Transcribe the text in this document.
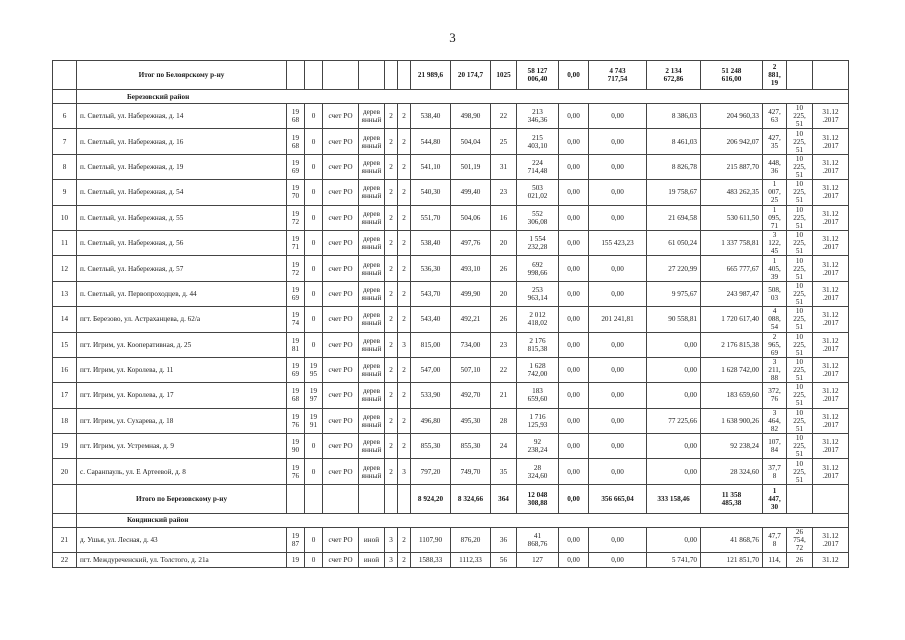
3
	Итог по Белоярскому р-ну							21 989,6	20 174,7	1025	58 127
006,40	0,00	4 743
717,54	2 134
672,86	51 248
616,00	2
881,
19		
	Березовский район																	
6	п. Светлый, ул. Набережная, д. 14	19
68	0	счет РО	дерев
янный	2	2	538,40	498,90	22	213
346,36	0,00	0,00	8 386,03	204 960,33	427,
63	10
225,
51	31.12
.2017
7	п. Светлый, ул. Набережная, д. 16	19
68	0	счет РО	дерев
янный	2	2	544,80	504,04	25	215
403,10	0,00	0,00	8 461,03	206 942,07	427,
35	10
225,
51	31.12
.2017
8	п. Светлый, ул. Набережная, д. 19	19
69	0	счет РО	дерев
янный	2	2	541,10	501,19	31	224
714,48	0,00	0,00	8 826,78	215 887,70	448,
36	10
225,
51	31.12
.2017
9	п. Светлый, ул. Набережная, д. 54	19
70	0	счет РО	дерев
янный	2	2	540,30	499,40	23	503
021,02	0,00	0,00	19 758,67	483 262,35	1
007,
25	10
225,
51	31.12
.2017
10	п. Светлый, ул. Набережная, д. 55	19
72	0	счет РО	дерев
янный	2	2	551,70	504,06	16	552
306,08	0,00	0,00	21 694,58	530 611,50	1
095,
71	10
225,
51	31.12
.2017
11	п. Светлый, ул. Набережная, д. 56	19
71	0	счет РО	дерев
янный	2	2	538,40	497,76	20	1 554
232,28	0,00	155 423,23	61 050,24	1 337 758,81	3
122,
45	10
225,
51	31.12
.2017
12	п. Светлый, ул. Набережная, д. 57	19
72	0	счет РО	дерев
янный	2	2	536,30	493,10	26	692
998,66	0,00	0,00	27 220,99	665 777,67	1
405,
39	10
225,
51	31.12
.2017
13	п. Светлый, ул. Первопроходцев, д. 44	19
69	0	счет РО	дерев
янный	2	2	543,70	499,90	20	253
963,14	0,00	0,00	9 975,67	243 987,47	508,
03	10
225,
51	31.12
.2017
14	пгт. Березово, ул. Астраханцева, д. 62/а	19
74	0	счет РО	дерев
янный	2	2	543,40	492,21	26	2 012
418,02	0,00	201 241,81	90 558,81	1 720 617,40	4
088,
54	10
225,
51	31.12
.2017
15	пгт. Игрим, ул. Кооперативная, д. 25	19
81	0	счет РО	дерев
янный	2	3	815,00	734,00	23	2 176
815,38	0,00	0,00	0,00	2 176 815,38	2
965,
69	10
225,
51	31.12
.2017
16	пгт. Игрим, ул. Королева, д. 11	19
69	19
95	счет РО	дерев
янный	2	2	547,00	507,10	22	1 628
742,00	0,00	0,00	0,00	1 628 742,00	3
211,
88	10
225,
51	31.12
.2017
17	пгт. Игрим, ул. Королева, д. 17	19
68	19
97	счет РО	дерев
янный	2	2	533,90	492,70	21	183
659,60	0,00	0,00	0,00	183 659,60	372,
76	10
225,
51	31.12
.2017
18	пгт. Игрим, ул. Сухарева, д. 18	19
76	19
91	счет РО	дерев
янный	2	2	496,80	495,30	28	1 716
125,93	0,00	0,00	77 225,66	1 638 900,26	3
464,
82	10
225,
51	31.12
.2017
19	пгт. Игрим, ул. Устремная, д. 9	19
90	0	счет РО	дерев
янный	2	2	855,30	855,30	24	92
238,24	0,00	0,00	0,00	92 238,24	107,
84	10
225,
51	31.12
.2017
20	с. Саранпауль, ул. Е Артеевой, д. 8	19
76	0	счет РО	дерев
янный	2	3	797,20	749,70	35	28
324,60	0,00	0,00	0,00	28 324,60	37,7
8	10
225,
51	31.12
.2017
	Итого по Березовскому р-ну							8 924,20	8 324,66	364	12 048
308,88	0,00	356 665,04	333 158,46	11 358
485,38	1
447,
30		
	Кондинский район																	
21	д. Ушья, ул. Лесная, д. 43	19
87	0	счет РО	иной	3	2	1107,90	876,20	36	41
868,76	0,00	0,00	0,00	41 868,76	47,7
8	26
754,
72	31.12
.2017
22	пгт. Междуреченский, ул. Толстого, д. 21а	19	0	счет РО	иной	3	2	1588,33	1112,33	56	127	0,00	0,00	5 741,70	121 851,70	114,	26	31.12
